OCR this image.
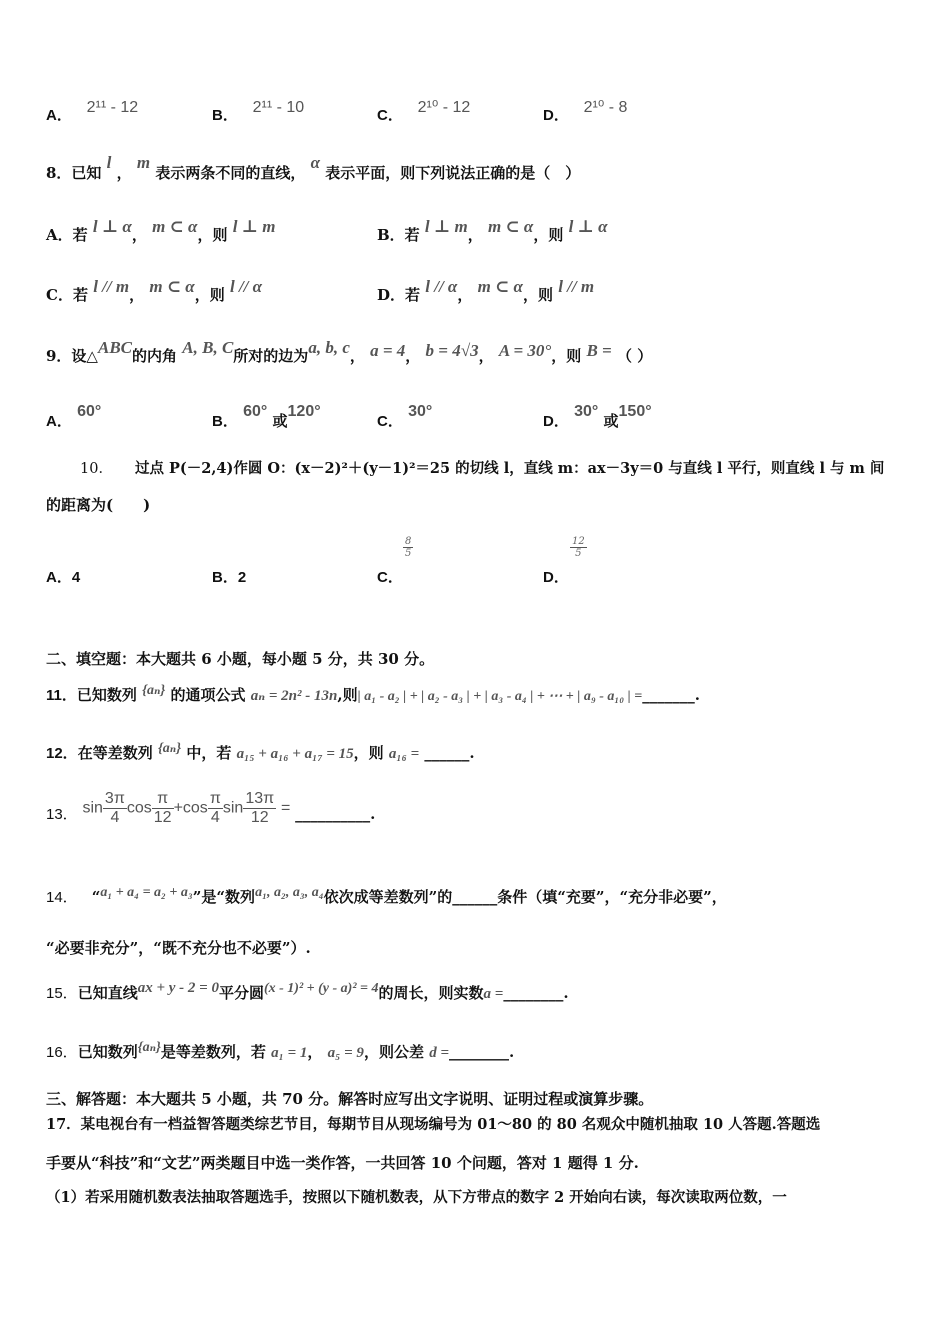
A． 2¹¹ - 12	B． 2¹¹ - 10	C． 2¹⁰ - 12	D． 2¹⁰ - 8
8．已知 l ， m 表示两条不同的直线， α 表示平面，则下列说法正确的是（　）
A．若 l ⊥ α， m ⊂ α，则 l ⊥ m	B．若 l ⊥ m， m ⊂ α，则 l ⊥ α
C．若 l // m， m ⊂ α，则 l // α	D．若 l // α， m ⊂ α，则 l // m
9．设△ABC的内角 A, B, C所对的边为a, b, c， a = 4， b = 4√3， A = 30°，则 B = （ ）
A． 60°
B． 60° 或120°
C． 30°
D． 30° 或150°
10． 过点 P(－2,4)作圆 O：(x－2)²＋(y－1)²＝25 的切线 l，直线 m：ax－3y＝0 与直线 l 平行，则直线 l 与 m 间
的距离为(　　)
A．4	B．2	C．
$\frac{8}{5}$
D．
$\frac{12}{5}$
二、填空题：本大题共 6 小题，每小题 5 分，共 30 分。
11．已知数列 {aₙ} 的通项公式 aₙ = 2n² - 13n,则| a₁ - a₂ | + | a₂ - a₃ | + | a₃ - a₄ | + ⋯ + | a₉ - a₁₀ | =_______.
12．在等差数列 {aₙ} 中，若 a₁₅ + a₁₆ + a₁₇ = 15，则 a₁₆ = ______.
13． $\sin \frac{3\pi}{4}$ $\cos \frac{\pi}{12} +\cos \frac{\pi}{4}$ $\sin \frac{13\pi}{12}$ = __________.
14． “a₁ + a₄ = a₂ + a₃”是“数列a₁, a₂, a₃, a₄依次成等差数列”的______条件（填“充要”，“充分非必要”，
“必要非充分”，“既不充分也不必要”）.
15．已知直线ax + y - 2 = 0平分圆(x - 1)² + (y - a)² = 4的周长，则实数a =________.
16．已知数列{aₙ}是等差数列，若 a₁ = 1， a₅ = 9，则公差 d =________.
三、解答题：本大题共 5 小题，共 70 分。解答时应写出文字说明、证明过程或演算步骤。
17．某电视台有一档益智答题类综艺节目，每期节目从现场编号为 01～80 的 80 名观众中随机抽取 10 人答题.答题选
手要从“科技”和“文艺”两类题目中选一类作答，一共回答 10 个问题，答对 1 题得 1 分.
（1）若采用随机数表法抽取答题选手，按照以下随机数表，从下方带点的数字 2 开始向右读，每次读取两位数，一
